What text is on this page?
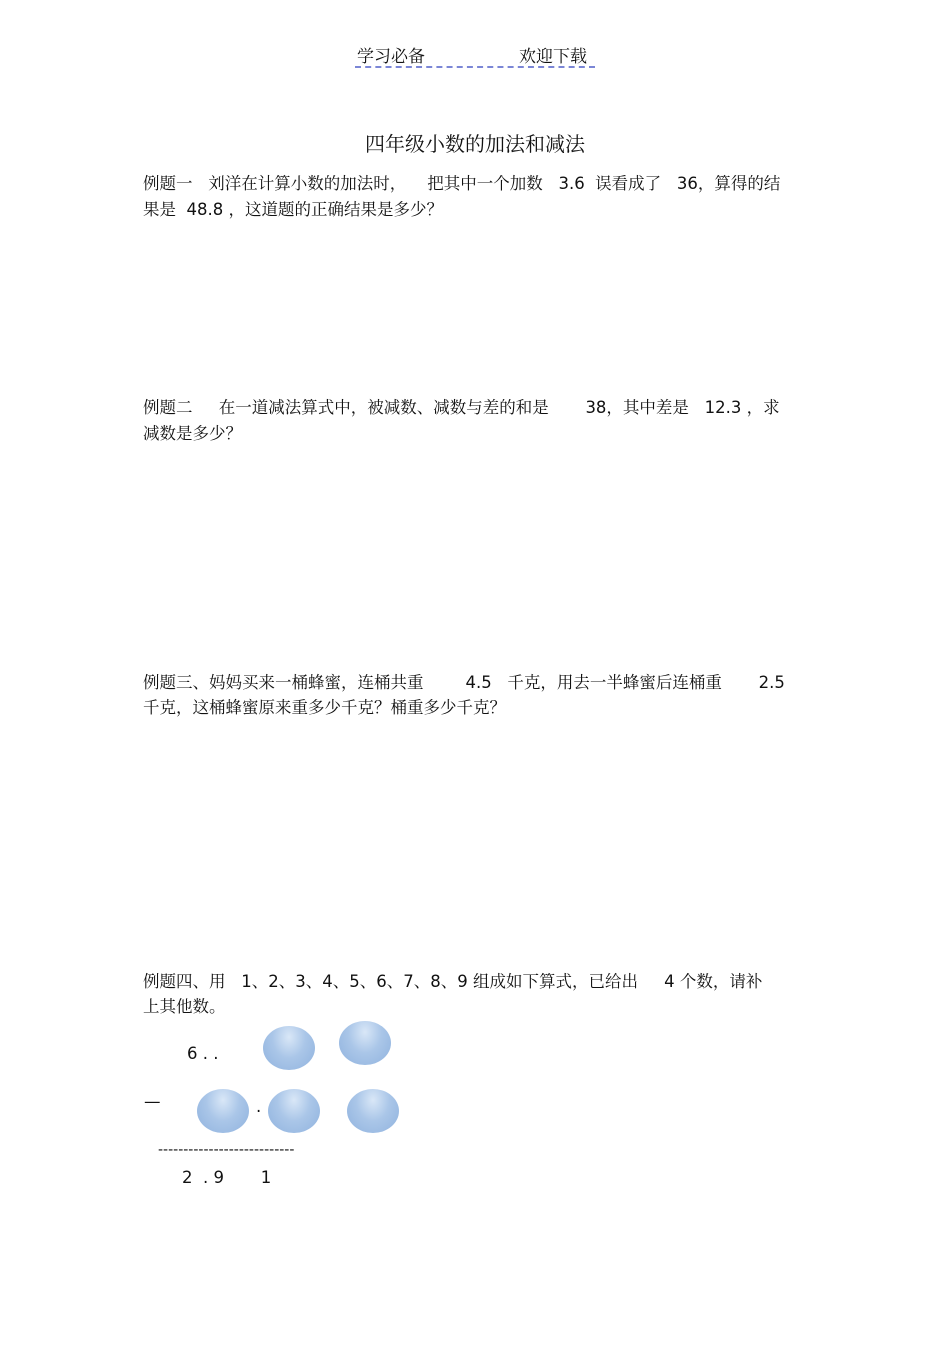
学习必备	欢迎下载
四年级小数的加法和减法
例题一   刘洋在计算小数的加法时，    把其中一个加数   3.6  误看成了   36，算得的结
果是  48.8 ，这道题的正确结果是多少？
例题二     在一道减法算式中，被减数、减数与差的和是       38，其中差是   12.3 ，求
减数是多少？
例题三、妈妈买来一桶蜂蜜，连桶共重        4.5   千克，用去一半蜂蜜后连桶重       2.5
千克，这桶蜂蜜原来重多少千克？桶重多少千克？
例题四、用   1、2、3、4、5、6、7、8、9 组成如下算式，已给出     4 个数，请补
上其他数。
6 . .
—	.
---------------------------
2  . 9       1
